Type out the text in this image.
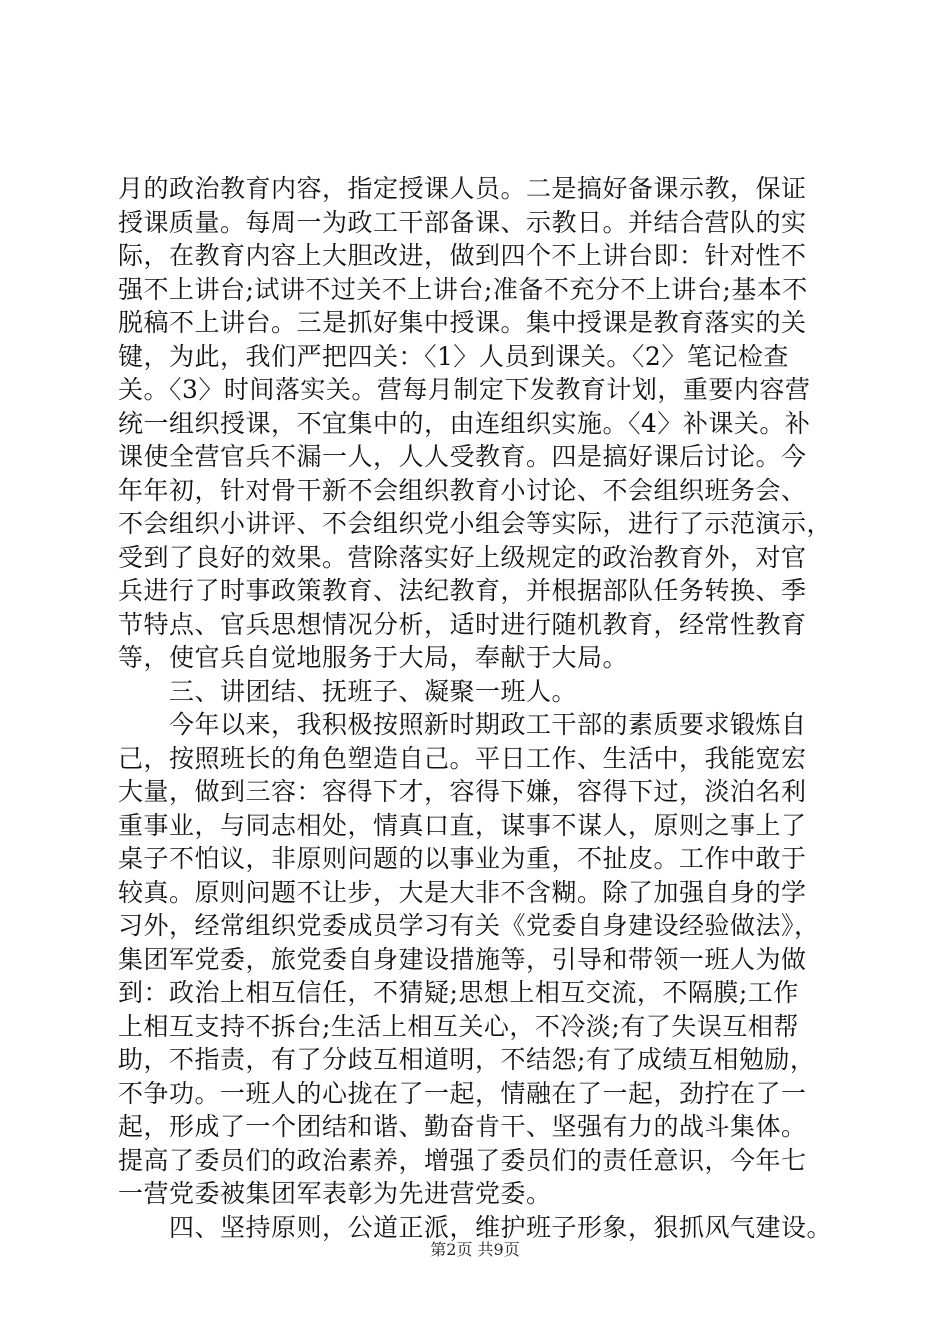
月的政治教育内容，指定授课人员。二是搞好备课示教，保证
授课质量。每周一为政工干部备课、示教日。并结合营队的实
际，在教育内容上大胆改进，做到四个不上讲台即：针对性不
强不上讲台;试讲不过关不上讲台;准备不充分不上讲台;基本不
脱稿不上讲台。三是抓好集中授课。集中授课是教育落实的关
键，为此，我们严把四关：〈1〉人员到课关。〈2〉笔记检查
关。〈3〉时间落实关。营每月制定下发教育计划，重要内容营
统一组织授课，不宜集中的，由连组织实施。〈4〉补课关。补
课使全营官兵不漏一人，人人受教育。四是搞好课后讨论。今
年年初，针对骨干新不会组织教育小讨论、不会组织班务会、
不会组织小讲评、不会组织党小组会等实际，进行了示范演示，
受到了良好的效果。营除落实好上级规定的政治教育外，对官
兵进行了时事政策教育、法纪教育，并根据部队任务转换、季
节特点、官兵思想情况分析，适时进行随机教育，经常性教育
等，使官兵自觉地服务于大局，奉献于大局。
　　三、讲团结、抚班子、凝聚一班人。
　　今年以来，我积极按照新时期政工干部的素质要求锻炼自
己，按照班长的角色塑造自己。平日工作、生活中，我能宽宏
大量，做到三容：容得下才，容得下嫌，容得下过，淡泊名利
重事业，与同志相处，情真口直，谋事不谋人，原则之事上了
桌子不怕议，非原则问题的以事业为重，不扯皮。工作中敢于
较真。原则问题不让步，大是大非不含糊。除了加强自身的学
习外，经常组织党委成员学习有关《党委自身建设经验做法》，
集团军党委，旅党委自身建设措施等，引导和带领一班人为做
到：政治上相互信任，不猜疑;思想上相互交流，不隔膜;工作
上相互支持不拆台;生活上相互关心，不冷淡;有了失误互相帮
助，不指责，有了分歧互相道明，不结怨;有了成绩互相勉励，
不争功。一班人的心拢在了一起，情融在了一起，劲拧在了一
起，形成了一个团结和谐、勤奋肯干、坚强有力的战斗集体。
提高了委员们的政治素养，增强了委员们的责任意识，今年七
一营党委被集团军表彰为先进营党委。
　　四、坚持原则，公道正派，维护班子形象，狠抓风气建设。
第2页 共9页
